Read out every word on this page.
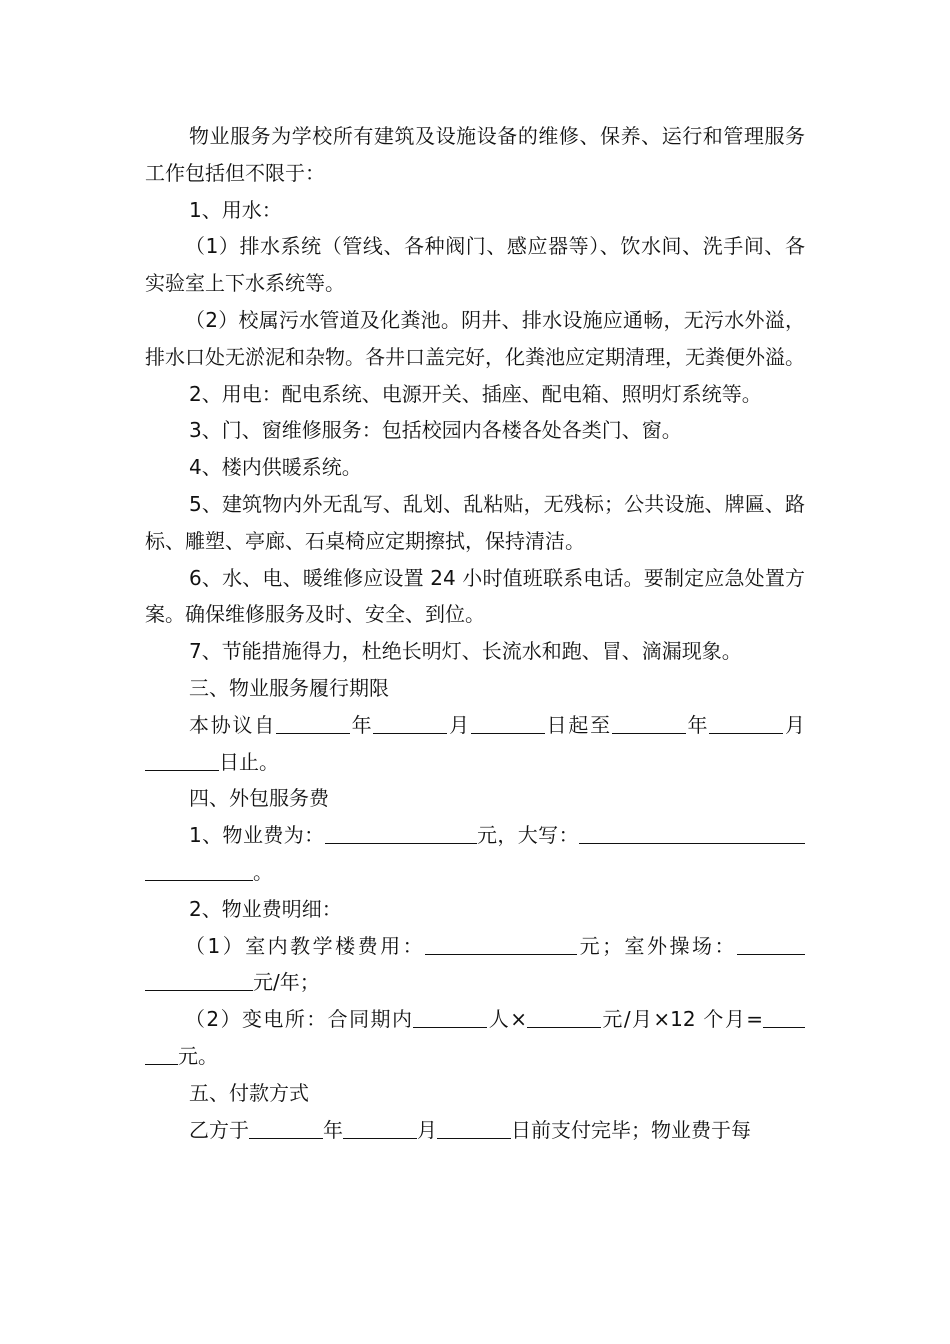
物业服务为学校所有建筑及设施设备的维修、保养、运行和管理服务工作包括但不限于：

1、用水：

（1）排水系统（管线、各种阀门、感应器等）、饮水间、洗手间、各实验室上下水系统等。

（2）校属污水管道及化粪池。阴井、排水设施应通畅，无污水外溢，排水口处无淤泥和杂物。各井口盖完好，化粪池应定期清理，无粪便外溢。

2、用电：配电系统、电源开关、插座、配电箱、照明灯系统等。

3、门、窗维修服务：包括校园内各楼各处各类门、窗。

4、楼内供暖系统。

5、建筑物内外无乱写、乱划、乱粘贴，无残标；公共设施、牌匾、路标、雕塑、亭廊、石桌椅应定期擦拭，保持清洁。

6、水、电、暖维修应设置 24 小时值班联系电话。要制定应急处置方案。确保维修服务及时、安全、到位。

7、节能措施得力，杜绝长明灯、长流水和跑、冒、滴漏现象。

三、物业服务履行期限

本协议自	年	月	日起至	年	月日止。

四、外包服务费

1、物业费为：	元，大写：。

2、物业费明细：

（1）室内教学楼费用：	元；室外操场：元/年；

（2）变电所：合同期内	人×	元/月×12 个月=元。

五、付款方式

乙方于	年	月	日前支付完毕；物业费于每
